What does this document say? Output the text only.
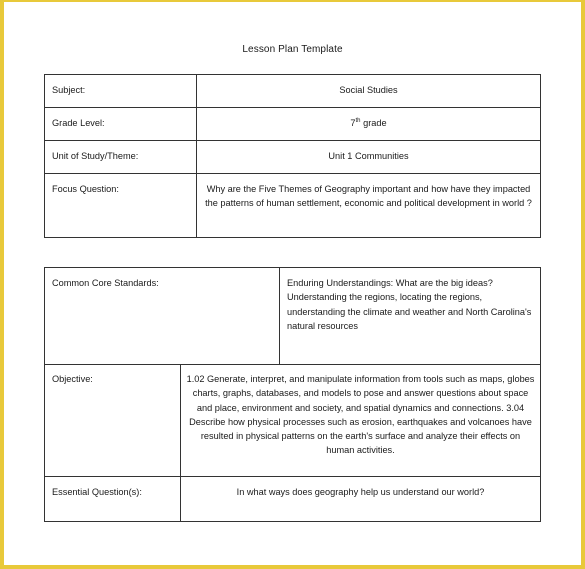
Lesson Plan Template
Subject:	Social Studies
Grade Level:	7th grade
Unit of Study/Theme:	Unit 1 Communities
Focus Question:	Why are the Five Themes of Geography important and how have they impacted the patterns of human settlement, economic and political development in world ?
Common Core Standards:	Enduring Understandings: What are the big ideas? Understanding the regions, locating the regions, understanding the climate and weather and North Carolina's natural resources
Objective:	1.02 Generate, interpret, and manipulate information from tools such as maps, globes charts, graphs, databases, and models to pose and answer questions about space and place, environment and society, and spatial dynamics and connections. 3.04 Describe how physical processes such as erosion, earthquakes and volcanoes have resulted in physical patterns on the earth's surface and analyze their effects on human activities.
Essential Question(s):	In what ways does geography help us understand our world?
